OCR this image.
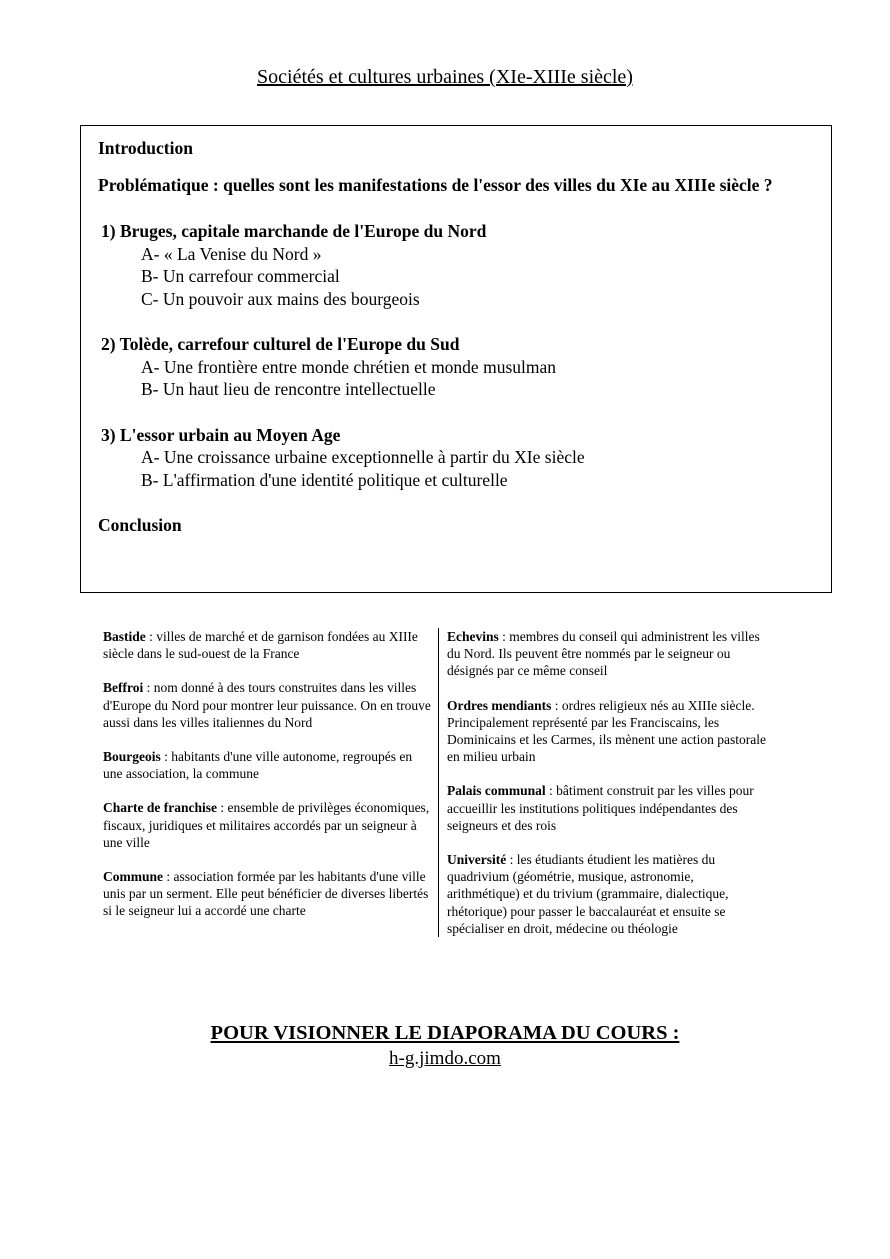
Sociétés et cultures urbaines (XIe-XIIIe siècle)

Introduction

Problématique : quelles sont les manifestations de l'essor des villes du XIe au XIIIe siècle ?

1) Bruges, capitale marchande de l'Europe du Nord

A- « La Venise du Nord »

B- Un carrefour commercial

C- Un pouvoir aux mains des bourgeois

2) Tolède, carrefour culturel de l'Europe du Sud

A- Une frontière entre monde chrétien et monde musulman

B- Un haut lieu de rencontre intellectuelle

3) L'essor urbain au Moyen Age

A- Une croissance urbaine exceptionnelle à partir du XIe siècle

B- L'affirmation d'une identité politique et culturelle

Conclusion

Bastide : villes de marché et de garnison fondées au XIIIe siècle dans le sud-ouest de la France
Beffroi : nom donné à des tours construites dans les villes d'Europe du Nord pour montrer leur puissance. On en trouve aussi dans les villes italiennes du Nord
Bourgeois : habitants d'une ville autonome, regroupés en une association, la commune
Charte de franchise : ensemble de privilèges économiques, fiscaux, juridiques et militaires accordés par un seigneur à une ville
Commune : association formée par les habitants d'une ville unis par un serment. Elle peut bénéficier de diverses libertés si le seigneur lui a accordé une charte
Echevins : membres du conseil qui administrent les villes du Nord. Ils peuvent être nommés par le seigneur ou désignés par ce même conseil
Ordres mendiants : ordres religieux nés au XIIIe siècle. Principalement représenté par les Franciscains, les Dominicains et les Carmes, ils mènent une action pastorale en milieu urbain
Palais communal : bâtiment construit par les villes pour accueillir les institutions politiques indépendantes des seigneurs et des rois
Université : les étudiants étudient les matières du quadrivium (géométrie, musique, astronomie, arithmétique) et du trivium (grammaire, dialectique, rhétorique) pour passer le baccalauréat et ensuite se spécialiser en droit, médecine ou théologie
POUR VISIONNER LE DIAPORAMA DU COURS :
h-g.jimdo.com
